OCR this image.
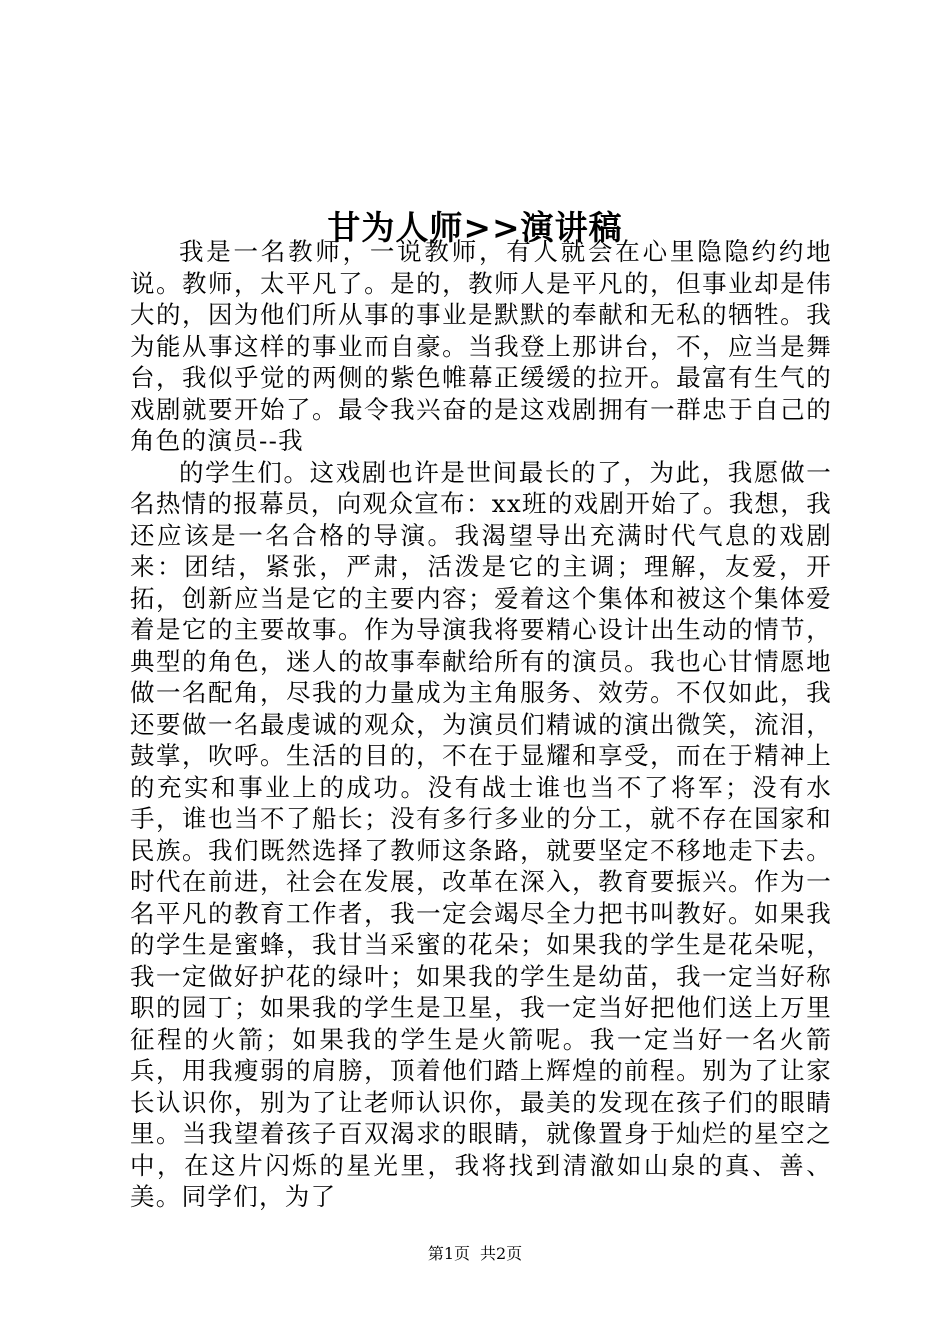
甘为人师>>演讲稿

我是一名教师，一说教师，有人就会在心里隐隐约约地说。教师，太平凡了。是的，教师人是平凡的，但事业却是伟大的，因为他们所从事的事业是默默的奉献和无私的牺牲。我为能从事这样的事业而自豪。当我登上那讲台，不，应当是舞台，我似乎觉的两侧的紫色帷幕正缓缓的拉开。最富有生气的戏剧就要开始了。最令我兴奋的是这戏剧拥有一群忠于自己的角色的演员--我

的学生们。这戏剧也许是世间最长的了，为此，我愿做一名热情的报幕员，向观众宣布：xx班的戏剧开始了。我想，我还应该是一名合格的导演。我渴望导出充满时代气息的戏剧来：团结，紧张，严肃，活泼是它的主调；理解，友爱，开拓，创新应当是它的主要内容；爱着这个集体和被这个集体爱着是它的主要故事。作为导演我将要精心设计出生动的情节，典型的角色，迷人的故事奉献给所有的演员。我也心甘情愿地做一名配角，尽我的力量成为主角服务、效劳。不仅如此，我还要做一名最虔诚的观众，为演员们精诚的演出微笑，流泪，鼓掌，吹呼。生活的目的，不在于显耀和享受，而在于精神上的充实和事业上的成功。没有战士谁也当不了将军；没有水手，谁也当不了船长；没有多行多业的分工，就不存在国家和民族。我们既然选择了教师这条路，就要坚定不移地走下去。时代在前进，社会在发展，改革在深入，教育要振兴。作为一名平凡的教育工作者，我一定会竭尽全力把书叫教好。如果我的学生是蜜蜂，我甘当采蜜的花朵；如果我的学生是花朵呢，我一定做好护花的绿叶；如果我的学生是幼苗，我一定当好称职的园丁；如果我的学生是卫星，我一定当好把他们送上万里征程的火箭；如果我的学生是火箭呢。我一定当好一名火箭兵，用我瘦弱的肩膀，顶着他们踏上辉煌的前程。别为了让家长认识你，别为了让老师认识你，最美的发现在孩子们的眼睛里。当我望着孩子百双渴求的眼睛，就像置身于灿烂的星空之中，在这片闪烁的星光里，我将找到清澈如山泉的真、善、美。同学们，为了

第1页 共2页
